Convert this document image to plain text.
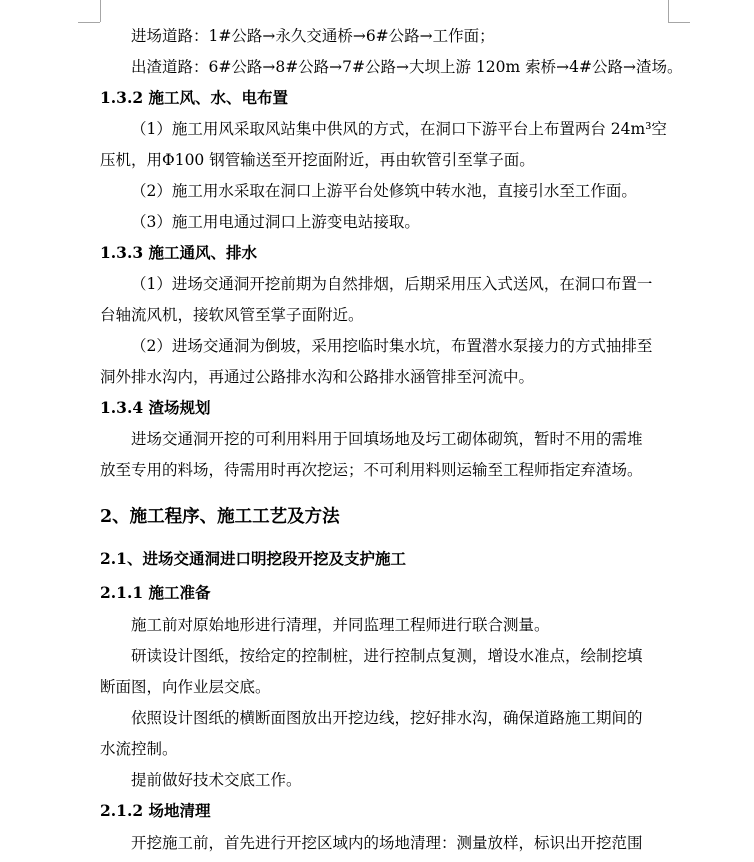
进场道路：1#公路→永久交通桥→6#公路→工作面；
出渣道路：6#公路→8#公路→7#公路→大坝上游 120m 索桥→4#公路→渣场。
1.3.2 施工风、水、电布置
（1）施工用风采取风站集中供风的方式，在洞口下游平台上布置两台 24m³空
压机，用Φ100 钢管输送至开挖面附近，再由软管引至掌子面。
（2）施工用水采取在洞口上游平台处修筑中转水池，直接引水至工作面。
（3）施工用电通过洞口上游变电站接取。
1.3.3 施工通风、排水
（1）进场交通洞开挖前期为自然排烟，后期采用压入式送风，在洞口布置一
台轴流风机，接软风管至掌子面附近。
（2）进场交通洞为倒坡，采用挖临时集水坑，布置潜水泵接力的方式抽排至
洞外排水沟内，再通过公路排水沟和公路排水涵管排至河流中。
1.3.4 渣场规划
进场交通洞开挖的可利用料用于回填场地及圬工砌体砌筑，暂时不用的需堆
放至专用的料场，待需用时再次挖运；不可利用料则运输至工程师指定弃渣场。
2、施工程序、施工工艺及方法
2.1、进场交通洞进口明挖段开挖及支护施工
2.1.1 施工准备
施工前对原始地形进行清理，并同监理工程师进行联合测量。
研读设计图纸，按给定的控制桩，进行控制点复测，增设水准点，绘制挖填
断面图，向作业层交底。
依照设计图纸的横断面图放出开挖边线，挖好排水沟，确保道路施工期间的
水流控制。
提前做好技术交底工作。
2.1.2 场地清理
开挖施工前，首先进行开挖区域内的场地清理：测量放样，标识出开挖范围
